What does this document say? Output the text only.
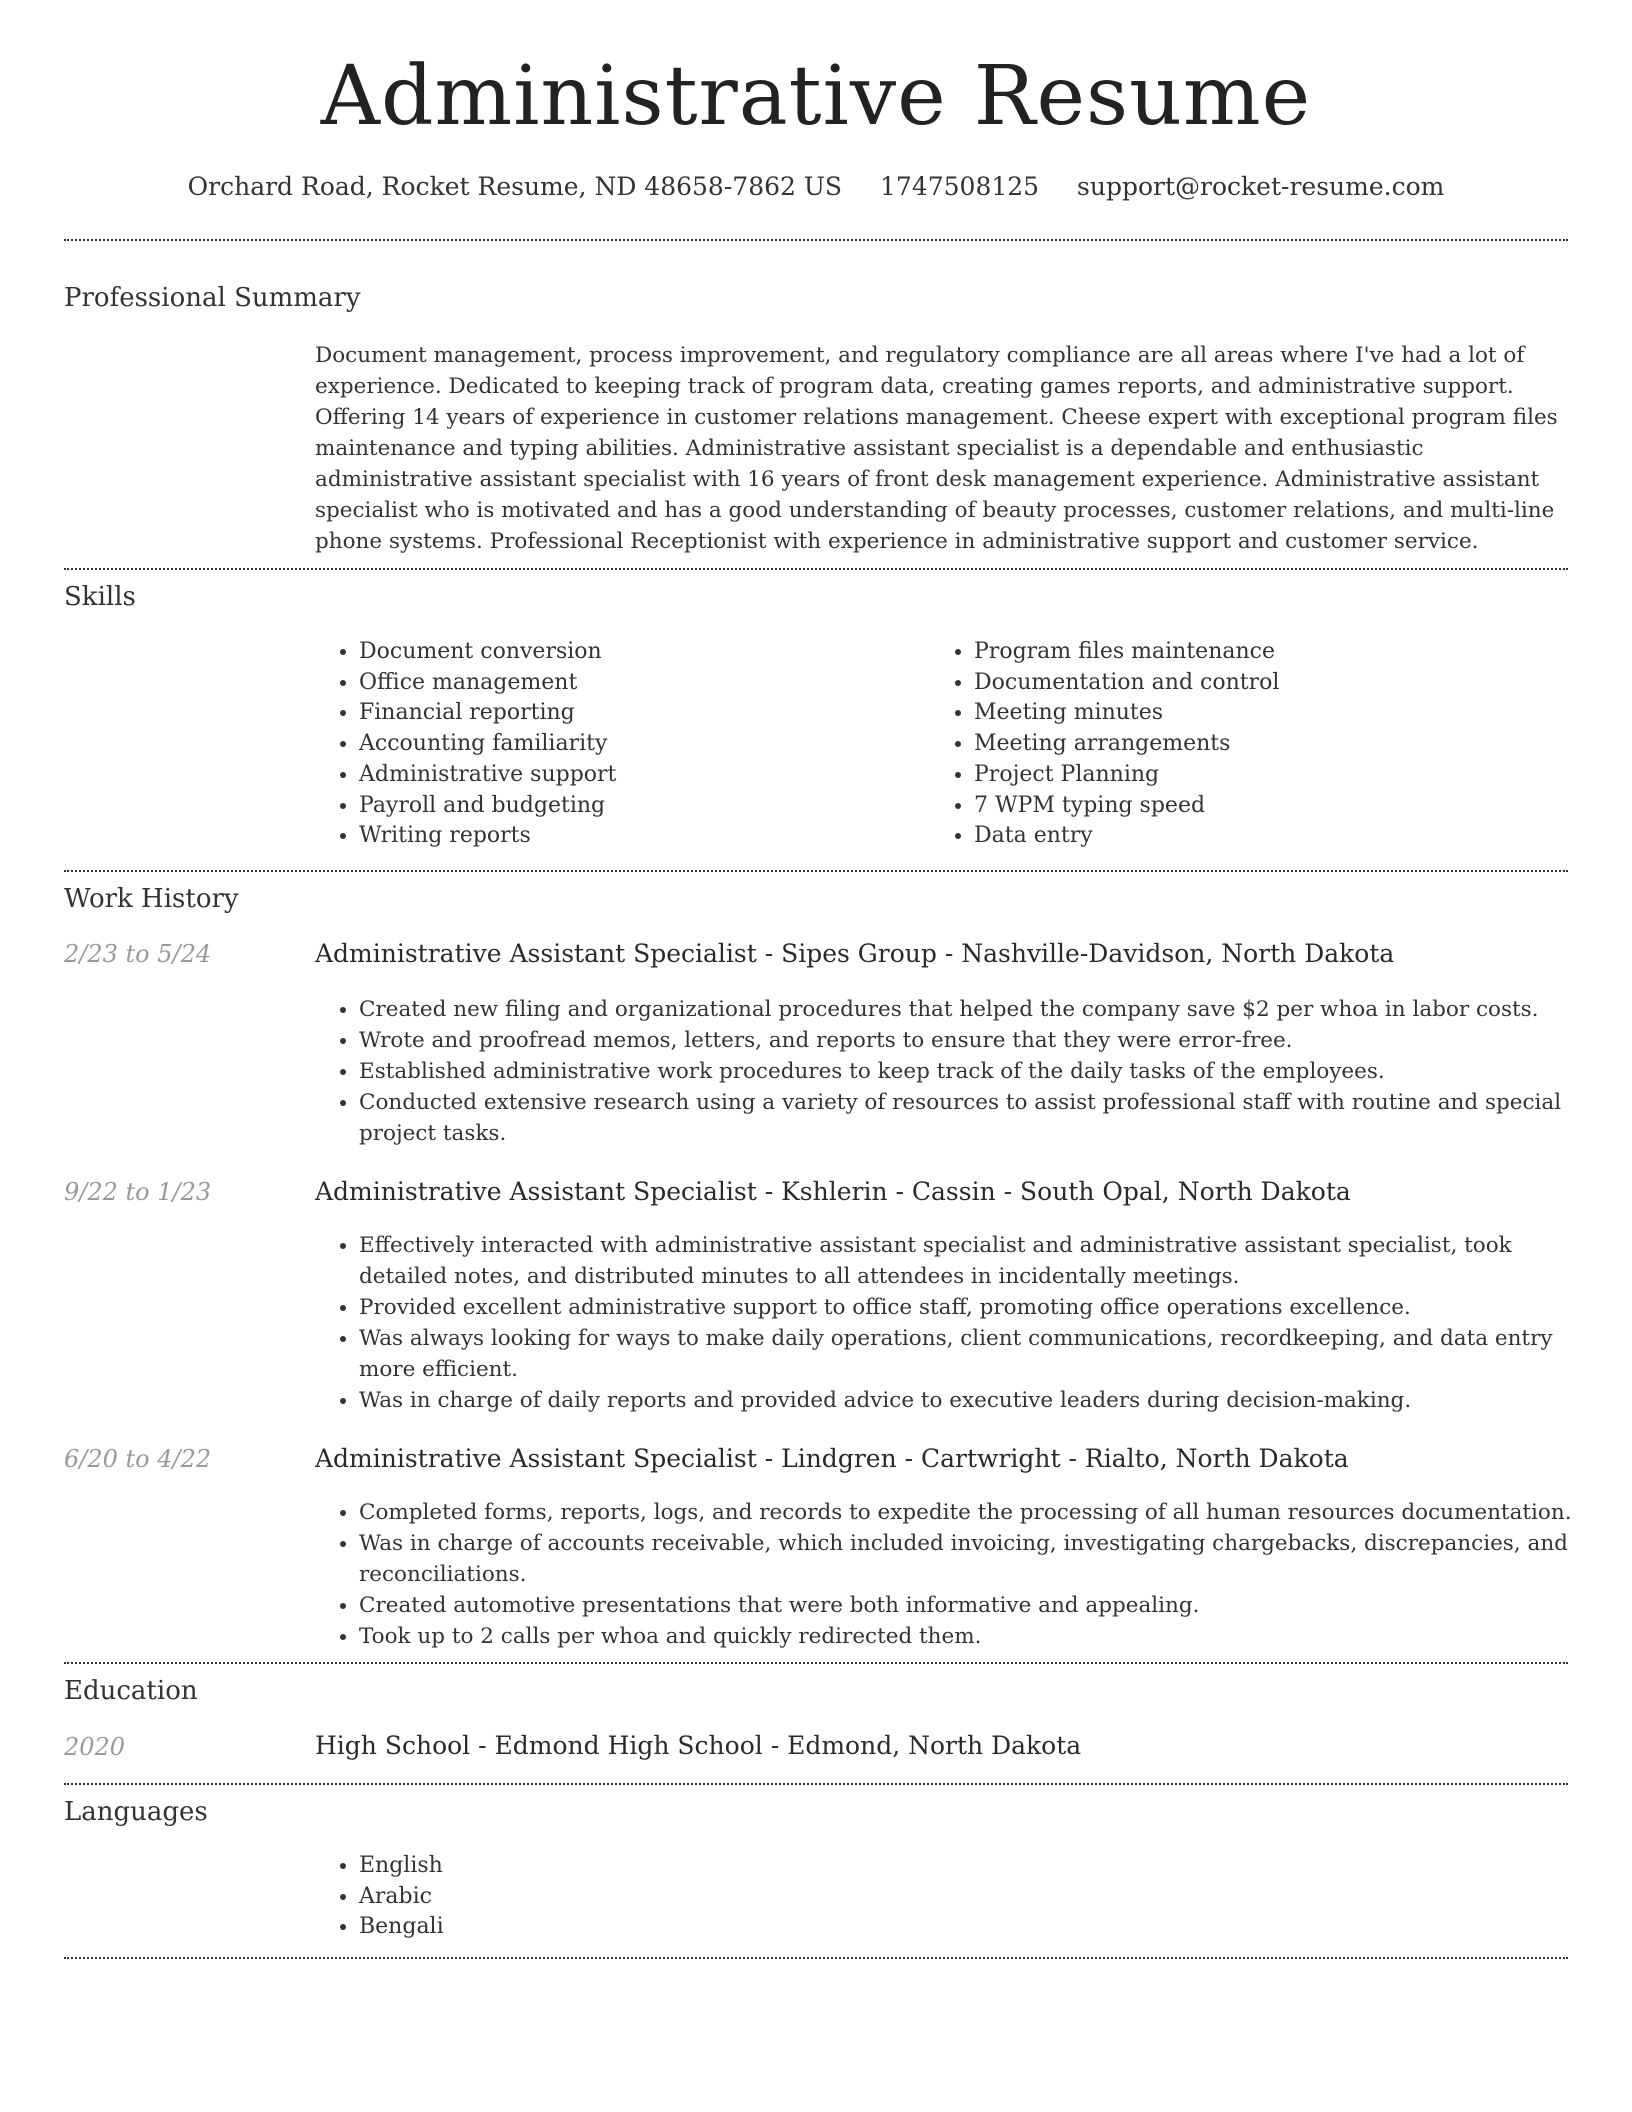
Administrative Resume
Orchard Road, Rocket Resume, ND 48658-7862 US 1747508125 support@rocket-resume.com
Professional Summary
Document management, process improvement, and regulatory compliance are all areas where I've had a lot of experience. Dedicated to keeping track of program data, creating games reports, and administrative support. Offering 14 years of experience in customer relations management. Cheese expert with exceptional program files maintenance and typing abilities. Administrative assistant specialist is a dependable and enthusiastic administrative assistant specialist with 16 years of front desk management experience. Administrative assistant specialist who is motivated and has a good understanding of beauty processes, customer relations, and multi-line phone systems. Professional Receptionist with experience in administrative support and customer service.
Skills
• Document conversion
• Office management
• Financial reporting
• Accounting familiarity
• Administrative support
• Payroll and budgeting
• Writing reports
• Program files maintenance
• Documentation and control
• Meeting minutes
• Meeting arrangements
• Project Planning
• 7 WPM typing speed
• Data entry
Work History
2/23 to 5/24	Administrative Assistant Specialist - Sipes Group - Nashville-Davidson, North Dakota
• Created new filing and organizational procedures that helped the company save $2 per whoa in labor costs.
• Wrote and proofread memos, letters, and reports to ensure that they were error-free.
• Established administrative work procedures to keep track of the daily tasks of the employees.
• Conducted extensive research using a variety of resources to assist professional staff with routine and special project tasks.
9/22 to 1/23	Administrative Assistant Specialist - Kshlerin - Cassin - South Opal, North Dakota
• Effectively interacted with administrative assistant specialist and administrative assistant specialist, took detailed notes, and distributed minutes to all attendees in incidentally meetings.
• Provided excellent administrative support to office staff, promoting office operations excellence.
• Was always looking for ways to make daily operations, client communications, recordkeeping, and data entry more efficient.
• Was in charge of daily reports and provided advice to executive leaders during decision-making.
6/20 to 4/22	Administrative Assistant Specialist - Lindgren - Cartwright - Rialto, North Dakota
• Completed forms, reports, logs, and records to expedite the processing of all human resources documentation.
• Was in charge of accounts receivable, which included invoicing, investigating chargebacks, discrepancies, and reconciliations.
• Created automotive presentations that were both informative and appealing.
• Took up to 2 calls per whoa and quickly redirected them.
Education
2020	High School - Edmond High School - Edmond, North Dakota
Languages
• English
• Arabic
• Bengali
